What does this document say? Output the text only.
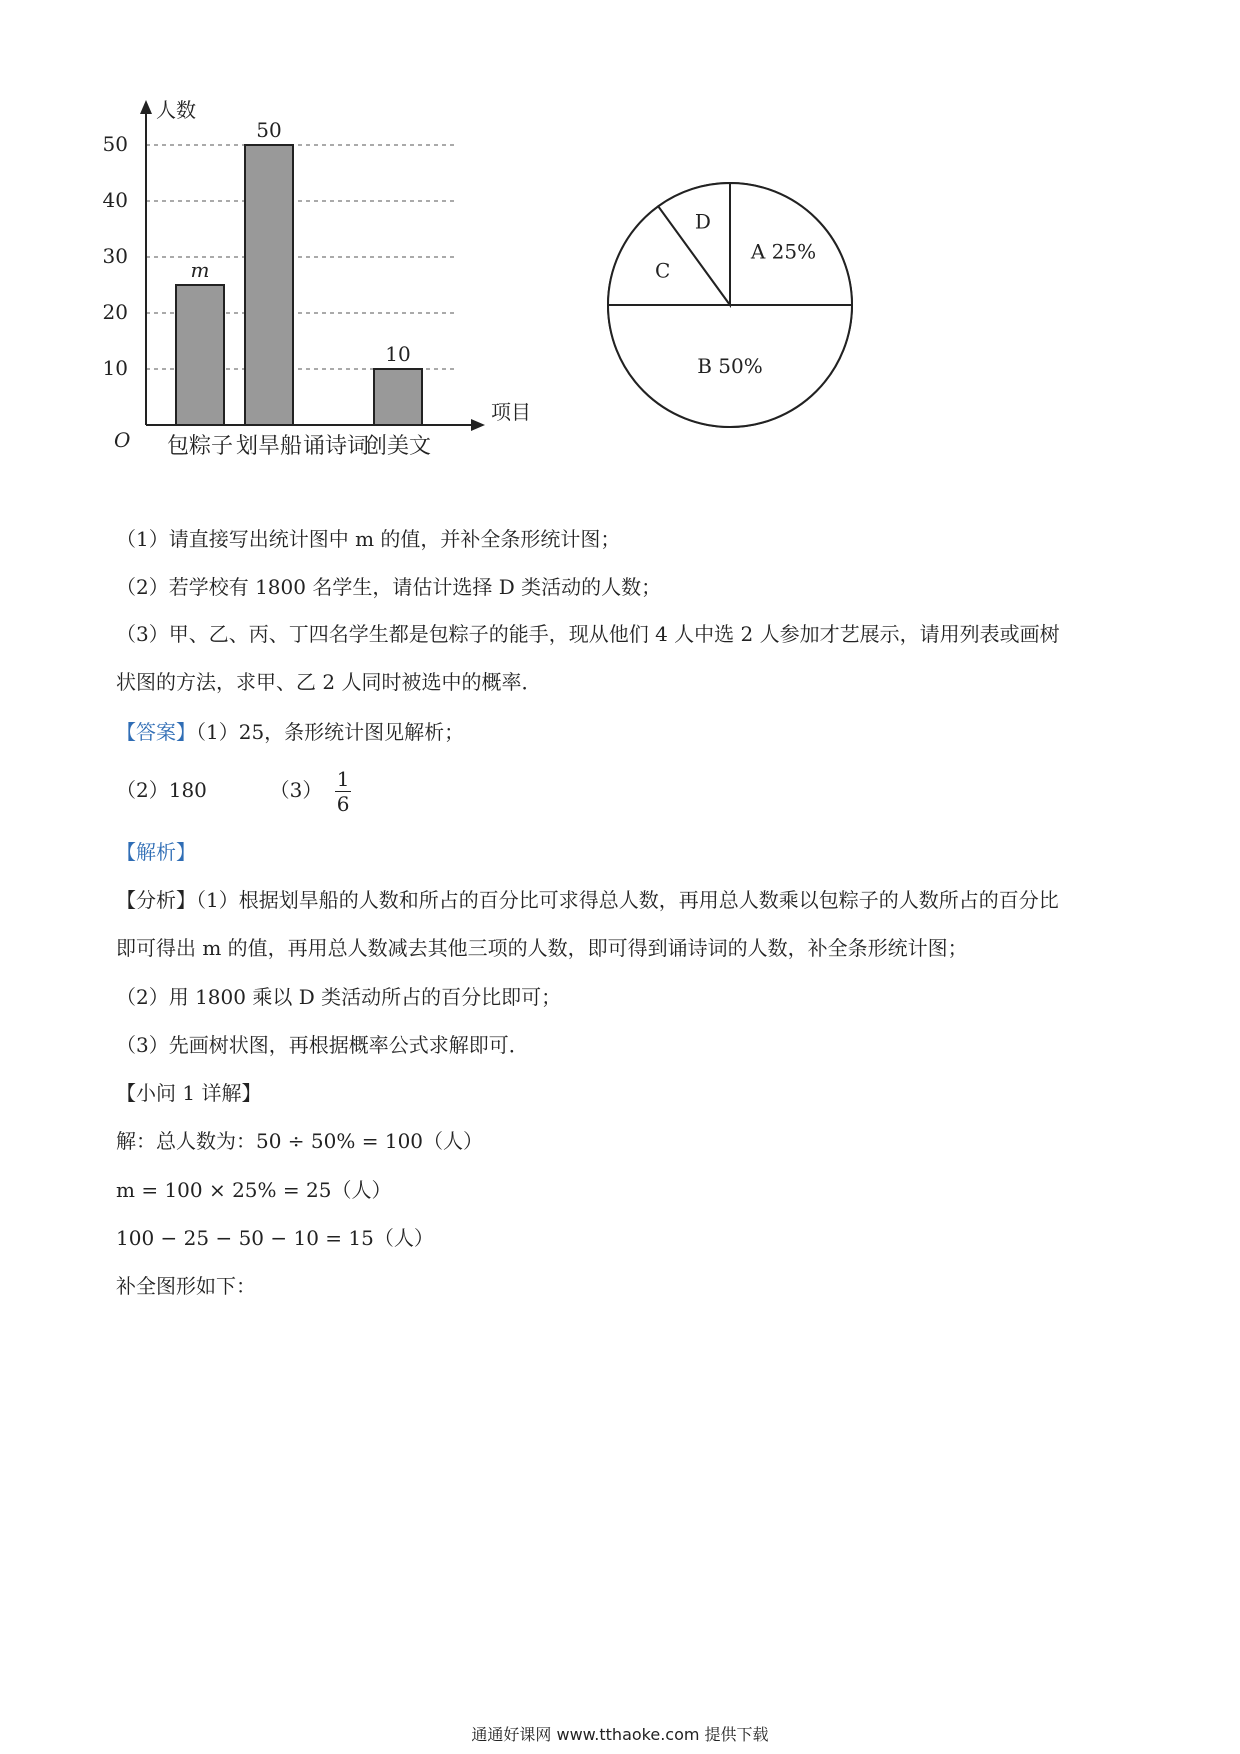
10
20
30
40
50
人数
项目
O 包粽子
m
划旱船
50
诵诗词
创美文
10
A 25%
B 50%
C
D
（1）请直接写出统计图中 m 的值，并补全条形统计图；
（2）若学校有 1800 名学生，请估计选择 D 类活动的人数；
（3）甲、乙、丙、丁四名学生都是包粽子的能手，现从他们 4 人中选 2 人参加才艺展示，请用列表或画树
状图的方法，求甲、乙 2 人同时被选中的概率．
【答案】（1）25，条形统计图见解析；
（2）180	$(3) \frac{1}{6}$
【解析】
【分析】（1）根据划旱船的人数和所占的百分比可求得总人数，再用总人数乘以包粽子的人数所占的百分比
即可得出 m 的值，再用总人数减去其他三项的人数，即可得到诵诗词的人数，补全条形统计图；
（2）用 1800 乘以 D 类活动所占的百分比即可；
（3）先画树状图，再根据概率公式求解即可．
【小问 1 详解】
解：总人数为：50 ÷ 50% = 100（人）
m = 100 × 25% = 25（人）
100 − 25 − 50 − 10 = 15（人）
补全图形如下：
通通好课网 www.tthaoke.com 提供下载
